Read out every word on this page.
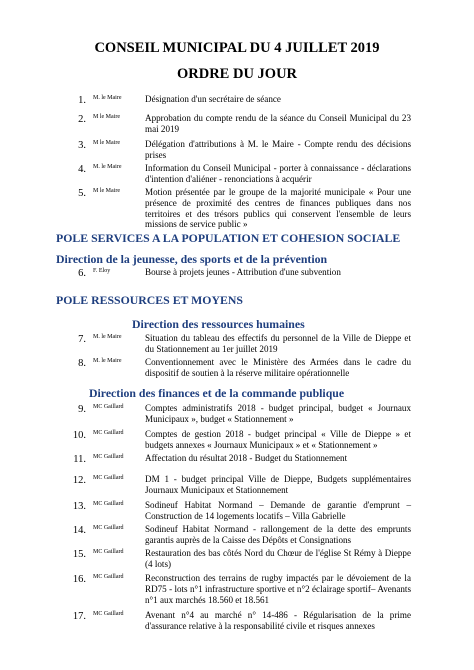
CONSEIL MUNICIPAL DU 4 JUILLET 2019
ORDRE DU JOUR
1. M. le Maire	Désignation d'un secrétaire de séance
2. M le Maire	Approbation du compte rendu de la séance du Conseil Municipal du 23 mai 2019
3. M le Maire	Délégation d'attributions à M. le Maire - Compte rendu des décisions prises
4. M. le Maire	Information du Conseil Municipal - porter à connaissance - déclarations d'intention d'aliéner - renonciations à acquérir
5. M le Maire	Motion présentée par le groupe de la majorité municipale « Pour une présence de proximité des centres de finances publiques dans nos territoires et des trésors publics qui conservent l'ensemble de leurs missions de service public »
POLE SERVICES A LA POPULATION ET COHESION SOCIALE
Direction de la jeunesse, des sports et de la prévention
6. F. Eloy	Bourse à projets jeunes - Attribution d'une subvention
POLE RESSOURCES ET MOYENS
Direction des ressources humaines
7. M. le Maire	Situation du tableau des effectifs du personnel de la Ville de Dieppe et du Stationnement au 1er juillet 2019
8. M. le Maire	Conventionnement avec le Ministère des Armées dans le cadre du dispositif de soutien à la réserve militaire opérationnelle
Direction des finances et de la commande publique
9. MC Gaillard	Comptes administratifs 2018 - budget principal, budget « Journaux Municipaux », budget « Stationnement »
10. MC Gaillard	Comptes de gestion 2018 - budget principal « Ville de Dieppe » et budgets annexes « Journaux Municipaux » et « Stationnement »
11. MC Gaillard	Affectation du résultat 2018 - Budget du Stationnement
12. MC Gaillard	DM 1 - budget principal Ville de Dieppe, Budgets supplémentaires Journaux Municipaux et Stationnement
13. MC Gaillard	Sodineuf Habitat Normand – Demande de garantie d'emprunt – Construction de 14 logements locatifs – Villa Gabrielle
14. MC Gaillard	Sodineuf Habitat Normand - rallongement de la dette des emprunts garantis auprès de la Caisse des Dépôts et Consignations
15. MC Gaillard	Restauration des bas côtés Nord du Chœur de l'église St Rémy à Dieppe (4 lots)
16. MC Gaillard	Reconstruction des terrains de rugby impactés par le dévoiement de la RD75 - lots n°1 infrastructure sportive et n°2 éclairage sportif– Avenants n°1 aux marchés 18.560 et 18.561
17. MC Gaillard	Avenant n°4 au marché n° 14-486 - Régularisation de la prime d'assurance relative à la responsabilité civile et risques annexes
